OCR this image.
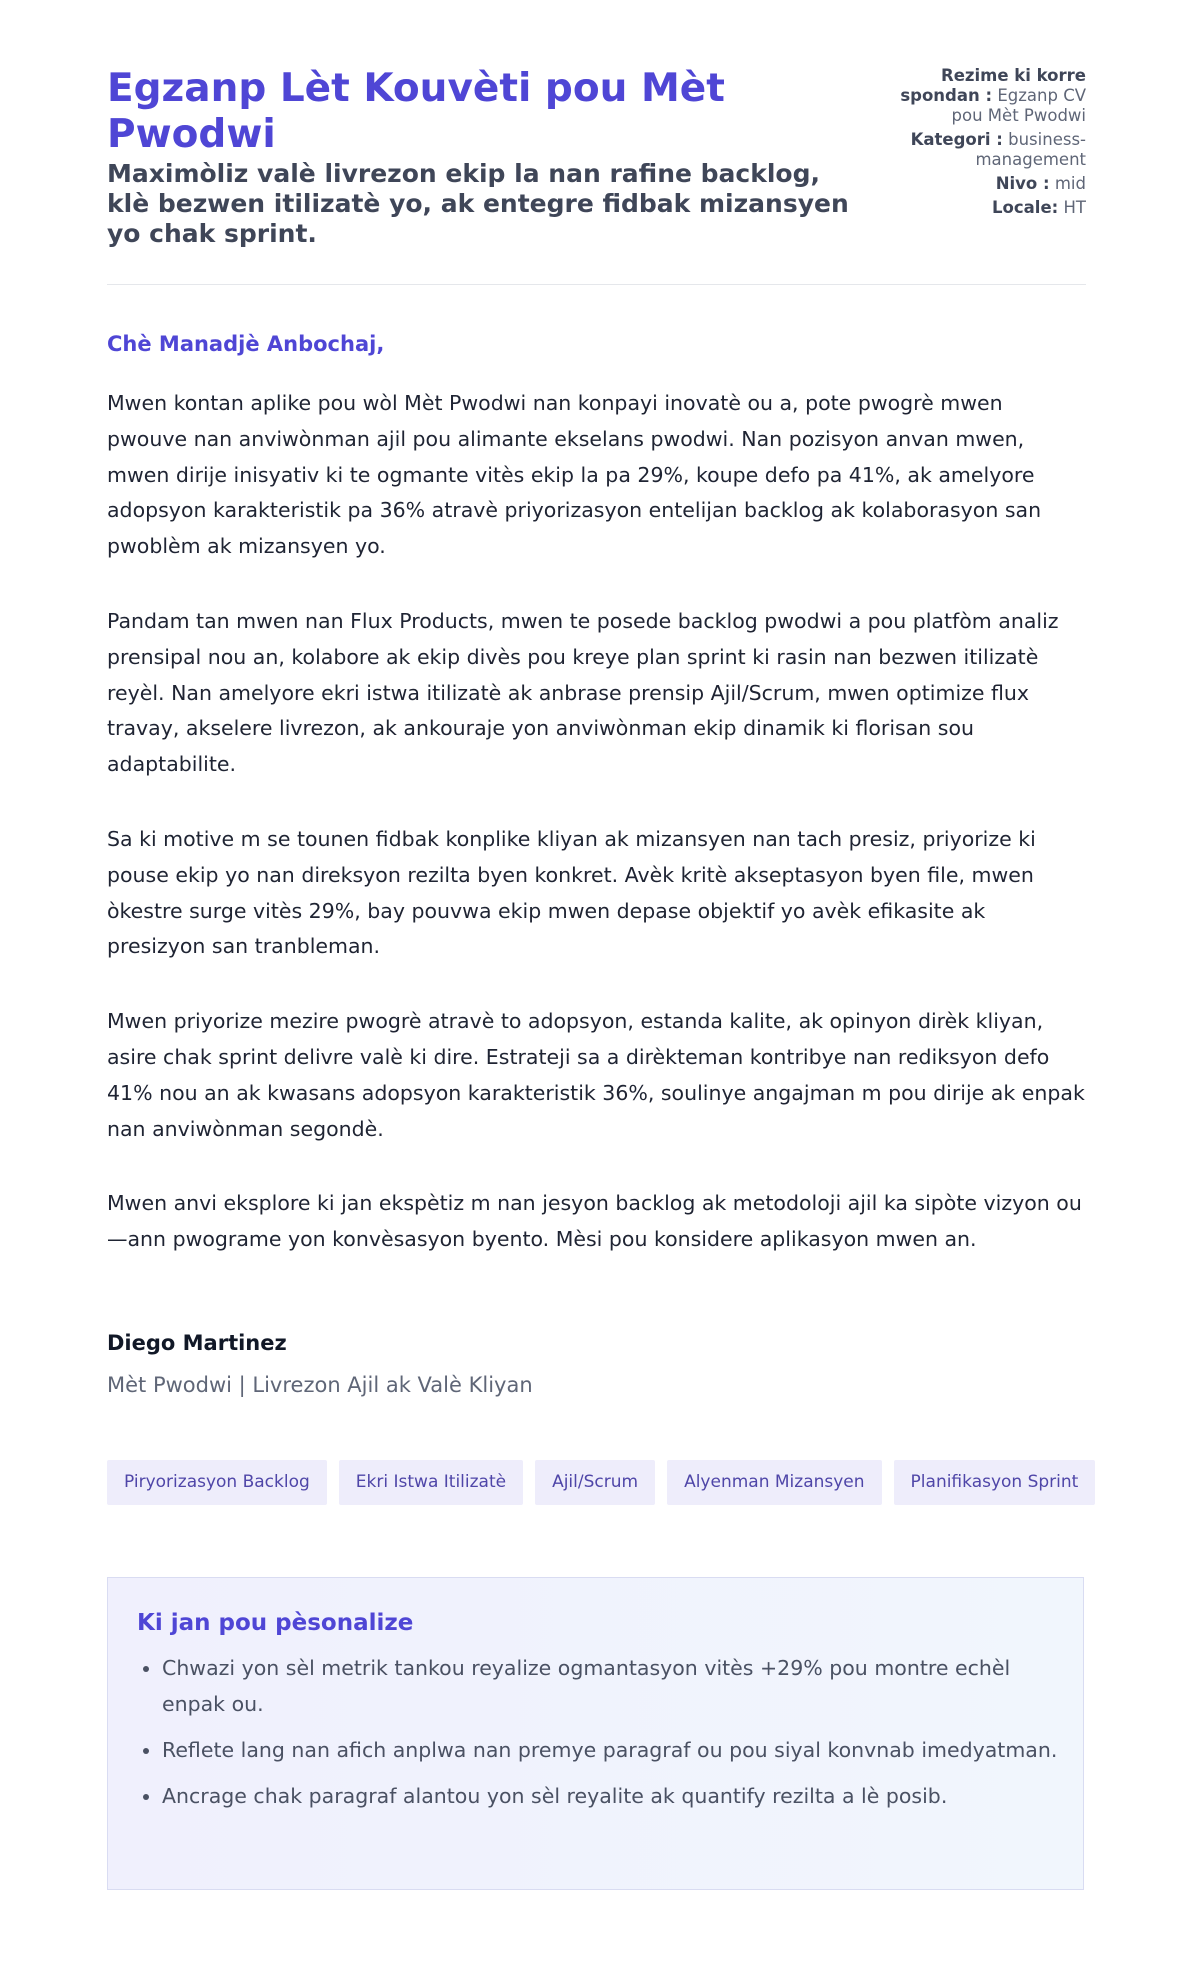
Egzanp Lèt Kouvèti pou Mèt Pwodwi
Maximòliz valè livrezon ekip la nan rafine backlog, klè bezwen itilizatè yo, ak entegre fidbak mizansyen yo chak sprint.

Rezime ki korre spondan : Egzanp CV pou Mèt Pwodwi

Kategori : business-management

Nivo : mid

Locale: HT

Chè Manadjè Anbochaj,

Mwen kontan aplike pou wòl Mèt Pwodwi nan konpayi inovatè ou a, pote pwogrè mwen pwouve nan anviwònman ajil pou alimante ekselans pwodwi. Nan pozisyon anvan mwen, mwen dirije inisyativ ki te ogmante vitès ekip la pa 29%, koupe defo pa 41%, ak amelyore adopsyon karakteristik pa 36% atravè priyorizasyon entelijan backlog ak kolaborasyon san pwoblèm ak mizansyen yo.

Pandam tan mwen nan Flux Products, mwen te posede backlog pwodwi a pou platfòm analiz prensipal nou an, kolabore ak ekip divès pou kreye plan sprint ki rasin nan bezwen itilizatè reyèl. Nan amelyore ekri istwa itilizatè ak anbrase prensip Ajil/Scrum, mwen optimize flux travay, akselere livrezon, ak ankouraje yon anviwònman ekip dinamik ki florisan sou adaptabilite.

Sa ki motive m se tounen fidbak konplike kliyan ak mizansyen nan tach presiz, priyorize ki pouse ekip yo nan direksyon rezilta byen konkret. Avèk kritè akseptasyon byen file, mwen òkestre surge vitès 29%, bay pouvwa ekip mwen depase objektif yo avèk efikasite ak presizyon san tranbleman.

Mwen priyorize mezire pwogrè atravè to adopsyon, estanda kalite, ak opinyon dirèk kliyan, asire chak sprint delivre valè ki dire. Estrateji sa a dirèkteman kontribye nan rediksyon defo 41% nou an ak kwasans adopsyon karakteristik 36%, soulinye angajman m pou dirije ak enpak nan anviwònman segondè.

Mwen anvi eksplore ki jan ekspètiz m nan jesyon backlog ak metodoloji ajil ka sipòte vizyon ou—ann pwograme yon konvèsasyon byento. Mèsi pou konsidere aplikasyon mwen an.

Diego Martinez

Mèt Pwodwi | Livrezon Ajil ak Valè Kliyan

Piryorizasyon Backlog	Ekri Istwa Itilizatè	Ajil/Scrum	Alyenman Mizansyen	Planifikasyon Sprint
Ki jan pou pèsonalize
• Chwazi yon sèl metrik tankou reyalize ogmantasyon vitès +29% pou montre echèl enpak ou.
• Reflete lang nan afich anplwa nan premye paragraf ou pou siyal konvnab imedyatman.
• Ancrage chak paragraf alantou yon sèl reyalite ak quantify rezilta a lè posib.
